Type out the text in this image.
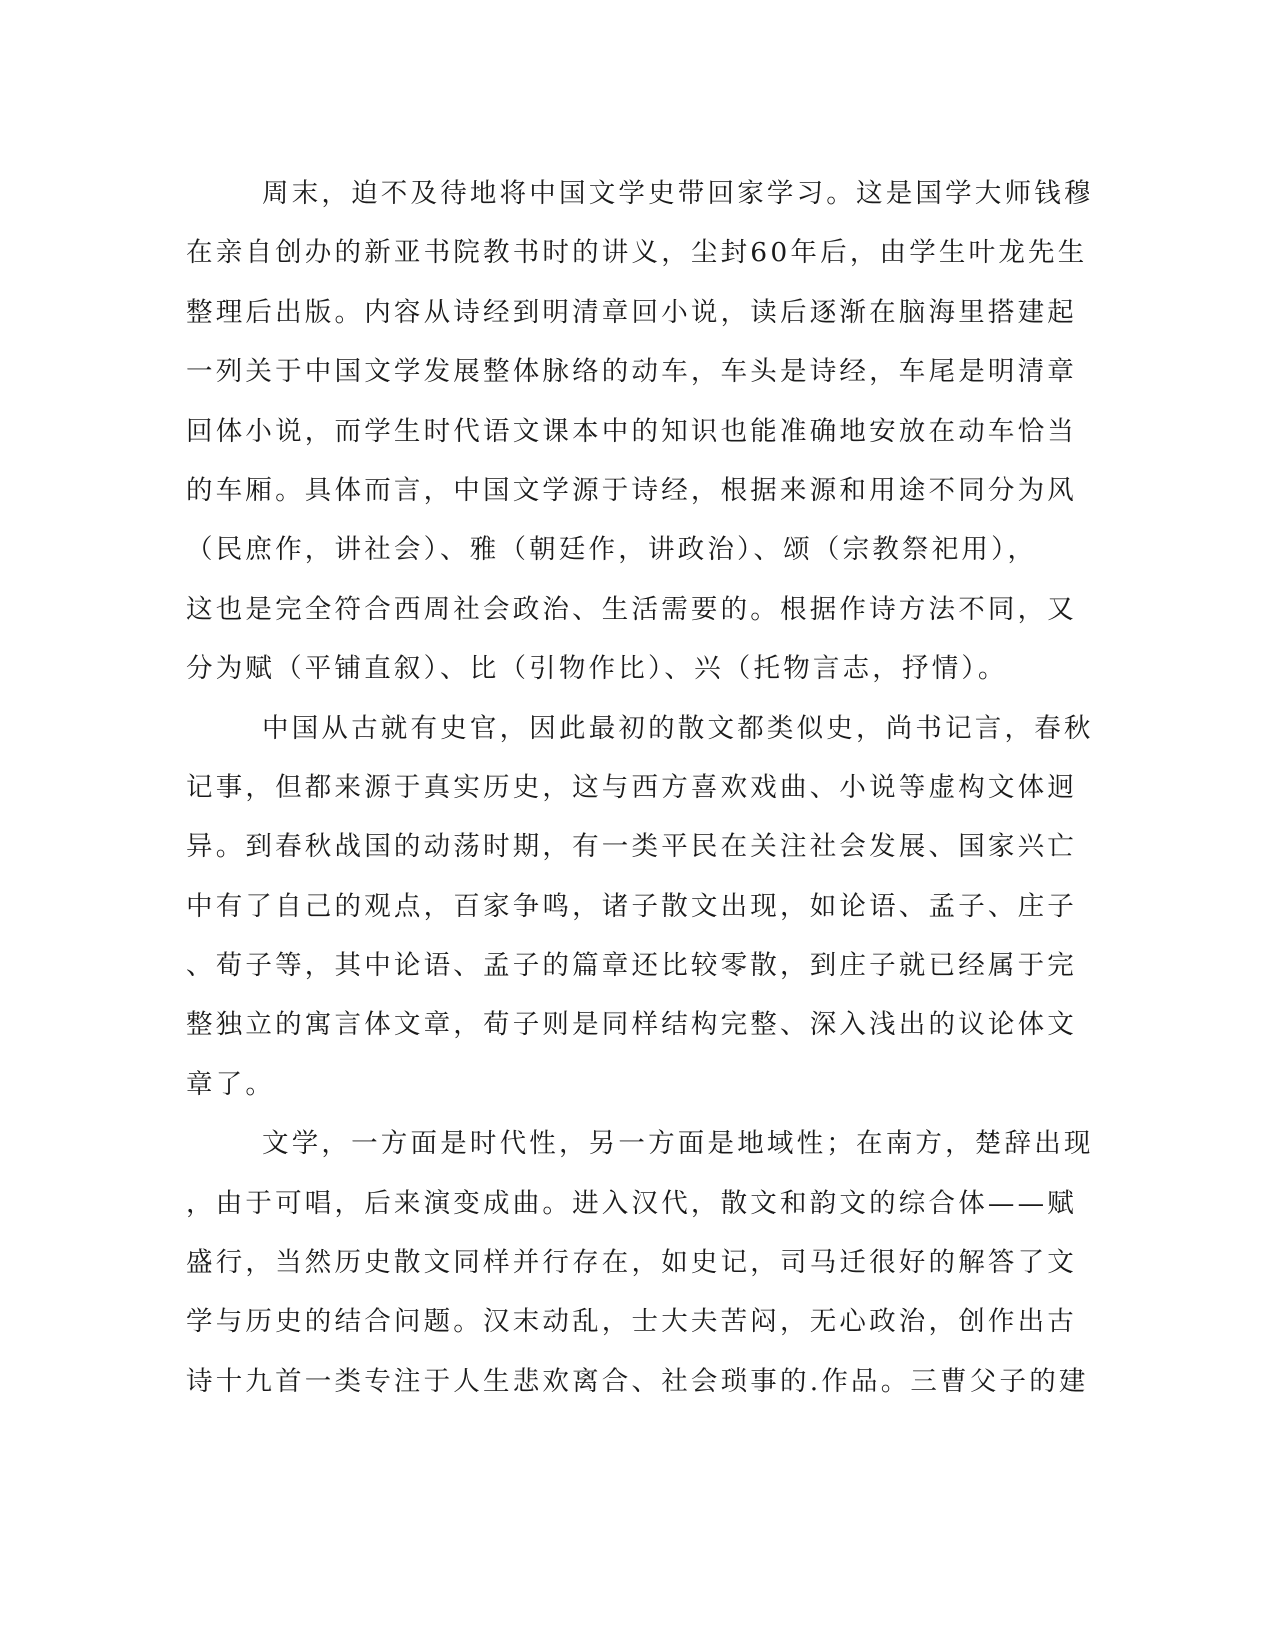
周末，迫不及待地将中国文学史带回家学习。这是国学大师钱穆
在亲自创办的新亚书院教书时的讲义，尘封60年后，由学生叶龙先生
整理后出版。内容从诗经到明清章回小说，读后逐渐在脑海里搭建起
一列关于中国文学发展整体脉络的动车，车头是诗经，车尾是明清章
回体小说，而学生时代语文课本中的知识也能准确地安放在动车恰当
的车厢。具体而言，中国文学源于诗经，根据来源和用途不同分为风
（民庶作，讲社会）、雅（朝廷作，讲政治）、颂（宗教祭祀用），
这也是完全符合西周社会政治、生活需要的。根据作诗方法不同，又
分为赋（平铺直叙）、比（引物作比）、兴（托物言志，抒情）。
中国从古就有史官，因此最初的散文都类似史，尚书记言，春秋
记事，但都来源于真实历史，这与西方喜欢戏曲、小说等虚构文体迥
异。到春秋战国的动荡时期，有一类平民在关注社会发展、国家兴亡
中有了自己的观点，百家争鸣，诸子散文出现，如论语、孟子、庄子
、荀子等，其中论语、孟子的篇章还比较零散，到庄子就已经属于完
整独立的寓言体文章，荀子则是同样结构完整、深入浅出的议论体文
章了。
文学，一方面是时代性，另一方面是地域性；在南方，楚辞出现
，由于可唱，后来演变成曲。进入汉代，散文和韵文的综合体——赋
盛行，当然历史散文同样并行存在，如史记，司马迁很好的解答了文
学与历史的结合问题。汉末动乱，士大夫苦闷，无心政治，创作出古
诗十九首一类专注于人生悲欢离合、社会琐事的.作品。三曹父子的建
